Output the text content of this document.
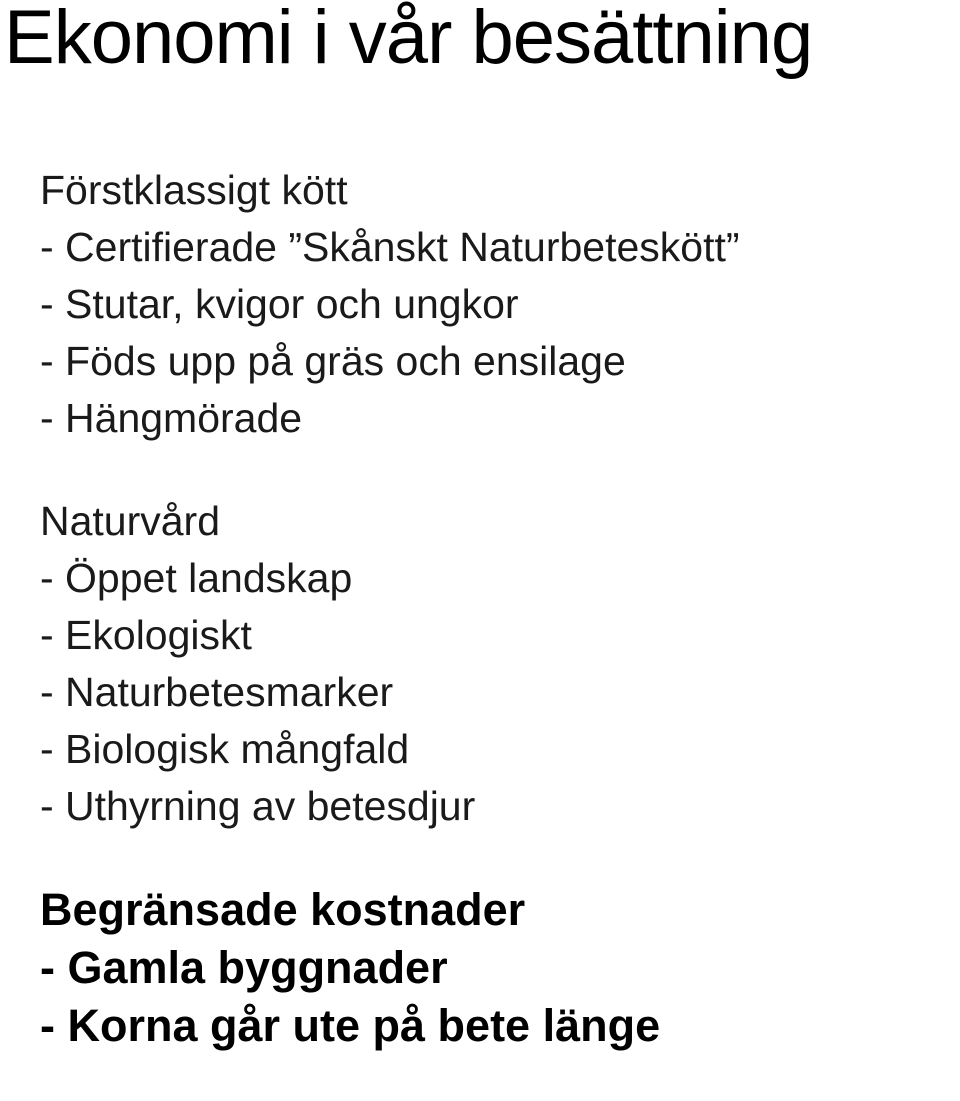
Ekonomi i vår besättning

Förstklassigt kött

- Certifierade ”Skånskt Naturbeteskött”

- Stutar, kvigor och ungkor

- Föds upp på gräs och ensilage

- Hängmörade

Naturvård

- Öppet landskap

- Ekologiskt

- Naturbetesmarker

- Biologisk mångfald

- Uthyrning av betesdjur

Begränsade kostnader

- Gamla byggnader

- Korna går ute på bete länge
